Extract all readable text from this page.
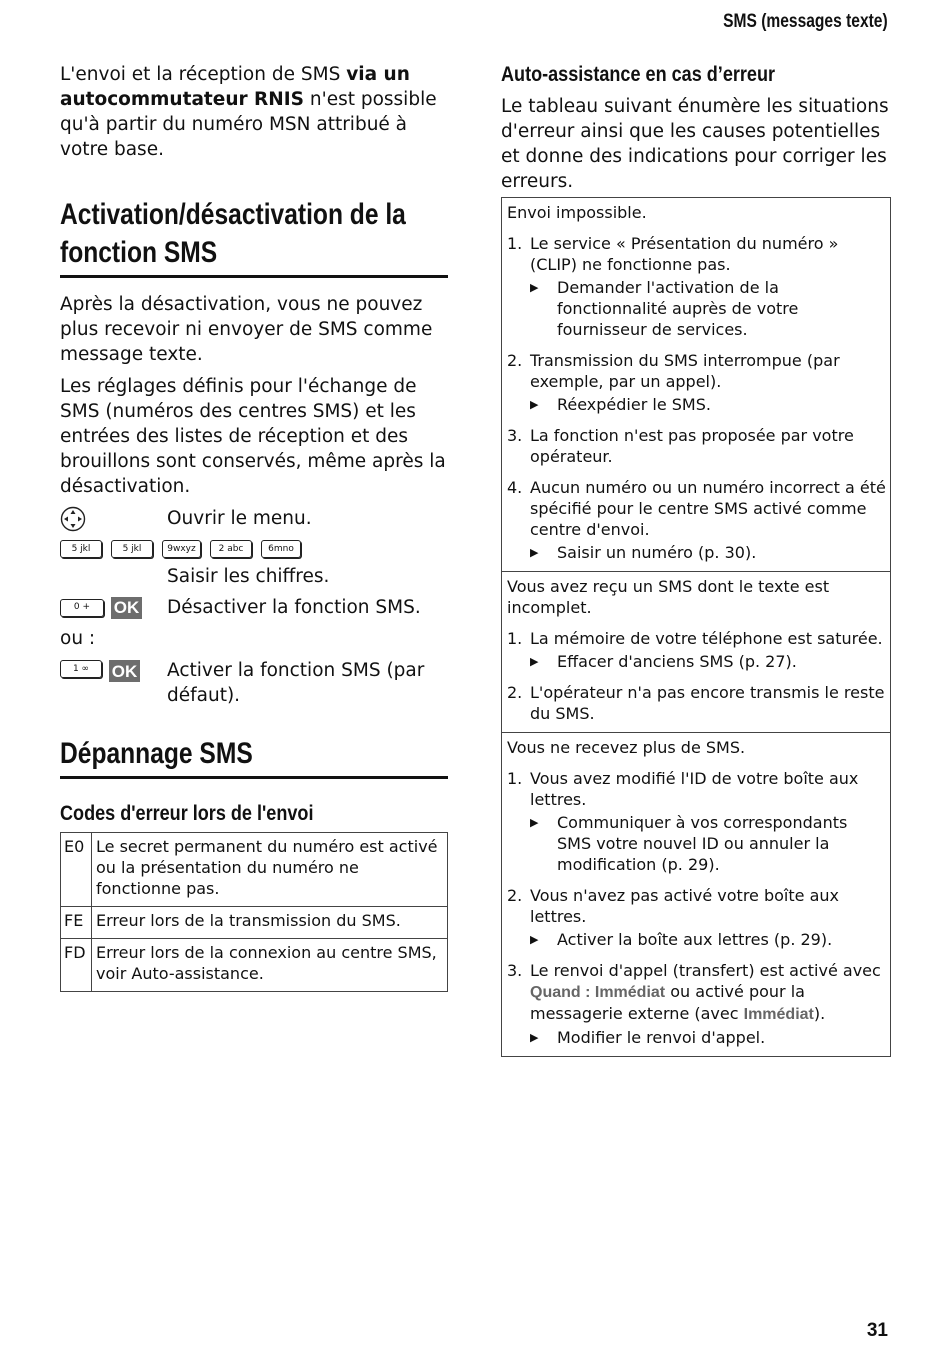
SMS (messages texte)

L'envoi et la réception de SMS via un autocommutateur RNIS n'est possible qu'à partir du numéro MSN attribué à votre base.

Activation/désactivation de la
fonction SMS

Après la désactivation, vous ne pouvez plus recevoir ni envoyer de SMS comme message texte.

Les réglages définis pour l'échange de SMS (numéros des centres SMS) et les entrées des listes de réception et des brouillons sont conservés, même après la désactivation.

Ouvrir le menu.
5 jkl	5 jkl	9wxyz	2 abc	6mno
Saisir les chiffres.
0 +	OK Désactiver la fonction SMS.

ou :

1 ∞	OK Activer la fonction SMS (par défaut).
Dépannage SMS
Codes d'erreur lors de l'envoi
E0	Le secret permanent du numéro est activé ou la présentation du numéro ne fonctionne pas.
FE	Erreur lors de la transmission du SMS.
FD	Erreur lors de la connexion au centre SMS, voir Auto-assistance.
Auto-assistance en cas d’erreur

Le tableau suivant énumère les situations d'erreur ainsi que les causes potentielles et donne des indications pour corriger les erreurs.

Envoi impossible.
1. Le service « Présentation du numéro » (CLIP) ne fonctionne pas.
▶	Demander l'activation de la fonctionnalité auprès de votre fournisseur de services.
2. Transmission du SMS interrompue (par exemple, par un appel).
▶	Réexpédier le SMS.
3. La fonction n'est pas proposée par votre opérateur.
4. Aucun numéro ou un numéro incorrect a été spécifié pour le centre SMS activé comme centre d'envoi.
▶	Saisir un numéro (p. 30).
Vous avez reçu un SMS dont le texte est incomplet.
1. La mémoire de votre téléphone est saturée.
▶	Effacer d'anciens SMS (p. 27).
2. L'opérateur n'a pas encore transmis le reste du SMS.
Vous ne recevez plus de SMS.
1. Vous avez modifié l'ID de votre boîte aux lettres.
▶	Communiquer à vos correspondants SMS votre nouvel ID ou annuler la modification (p. 29).
2. Vous n'avez pas activé votre boîte aux lettres.
▶	Activer la boîte aux lettres (p. 29).
3. Le renvoi d'appel (transfert) est activé avec Quand : Immédiat ou activé pour la messagerie externe (avec Immédiat).
▶	Modifier le renvoi d'appel.
31
